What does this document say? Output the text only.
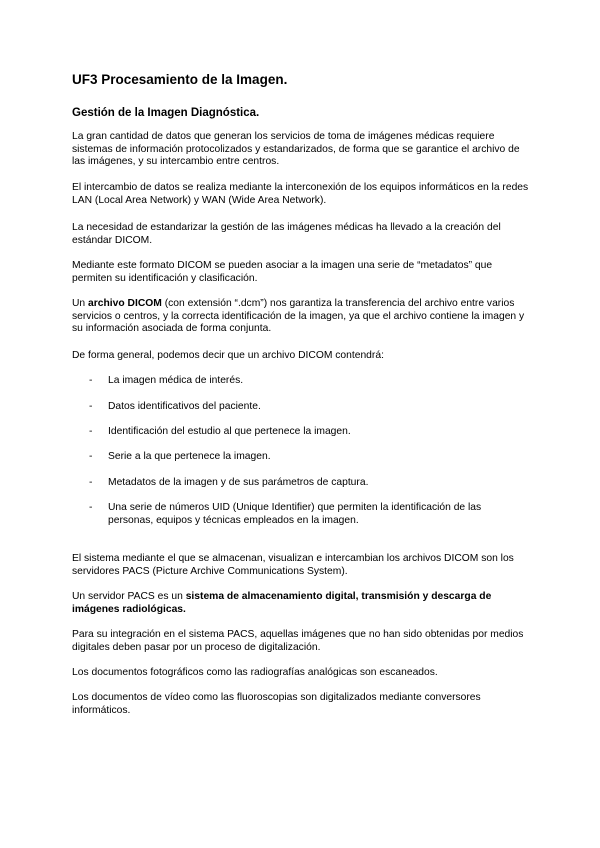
UF3 Procesamiento de la Imagen.
Gestión de la Imagen Diagnóstica.

La gran cantidad de datos que generan los servicios de toma de imágenes médicas requiere sistemas de información protocolizados y estandarizados, de forma que se garantice el archivo de las imágenes, y su intercambio entre centros.

El intercambio de datos se realiza mediante la interconexión de los equipos informáticos en la redes LAN (Local Area Network) y WAN (Wide Area Network).

La necesidad de estandarizar la gestión de las imágenes médicas ha llevado a la creación del estándar DICOM.

Mediante este formato DICOM se pueden asociar a la imagen una serie de “metadatos” que permiten su identificación y clasificación.

Un archivo DICOM (con extensión “.dcm”) nos garantiza la transferencia del archivo entre varios servicios o centros, y la correcta identificación de la imagen, ya que el archivo contiene la imagen y su información asociada de forma conjunta.

De forma general, podemos decir que un archivo DICOM contendrá:

-	La imagen médica de interés.
-	Datos identificativos del paciente.
-	Identificación del estudio al que pertenece la imagen.
-	Serie a la que pertenece la imagen.
-	Metadatos de la imagen y de sus parámetros de captura.
-	Una serie de números UID (Unique Identifier) que permiten la identificación de las personas, equipos y técnicas empleados en la imagen.

El sistema mediante el que se almacenan, visualizan e intercambian los archivos DICOM son los servidores PACS (Picture Archive Communications System).

Un servidor PACS es un sistema de almacenamiento digital, transmisión y descarga de imágenes radiológicas.

Para su integración en el sistema PACS, aquellas imágenes que no han sido obtenidas por medios digitales deben pasar por un proceso de digitalización.

Los documentos fotográficos como las radiografías analógicas son escaneados.

Los documentos de vídeo como las fluoroscopias son digitalizados mediante conversores informáticos.
